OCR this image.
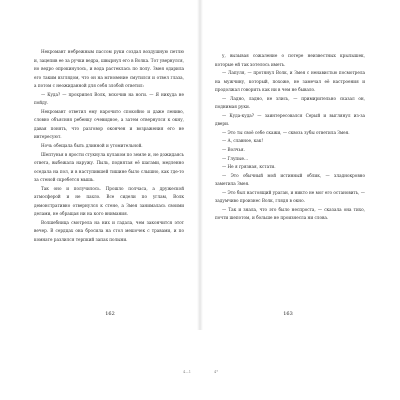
Некромант небрежным пассом руки создал воздушную петлю и, зацепив ее за ручки ведра, швырнул его в Волка. Тот увернулся, но ведро опрокинулось, и вода растеклась по полу. Змея одарила его таким взглядом, что он на мгновение смутился и отвел глаза, а потом с неожиданной для себя злобой ответил:

— Куда? — прохрипел Волк, вскочив на ноги. — Я никуда не пойду.

Некромант ответил ему нарочито спокойно и даже лениво, словно объясняя ребенку очевидное, а затем отвернулся к окну, давая понять, что разговор окончен и возражения его не интересуют.

Ночь обещала быть длинной и утомительной.

Шептунья в ярости стукнула кулаком по земле и, не дожидаясь ответа, выбежала наружу. Пыль, поднятая её шагами, медленно оседала на пол, и в наступившей тишине было слышно, как где-то за стеной скребется мышь.

Так оно и получилось. Прошло полчаса, а дружеской атмосферой и не пахло. Все сидели по углам, Волк демонстративно отвернулся к стене, а Змея занималась своими делами, не обращая ни на кого внимания.

Волшебница смотрела на них и гадала, чем закончится этот вечер. В сердцах она бросила на стол мешочек с травами, и по комнате разлился терпкий запах полыни.

у, вызывая сожаление о потере неизвестных крылышек, которые ей так хотелось иметь.

— Лапуля, — протянул Волк, и Змея с ненавистью посмотрела на мужчину, который, похоже, не замечал её настроения и продолжал говорить как ни в чем не бывало.

— Ладно, ладно, не злись, — примирительно сказал он, поднимая руки.

— Куда-куда? — заинтересовался Серый и выглянул из-за двери.

— Это ты своё себе скажи, — сквозь зубы ответила Змея.

— А, славное, как!

— Волчья.

— Глупые...

— Не я грязная, кстати.

— Это обычный мой истинный облик, — хладнокровно заметила Змея.

— Это был настоящий ураган, и никто не мог его остановить, — задумчиво произнес Волк, глядя в окно.

— Так и знала, что это было неспроста, — сказала она тихо, почти шепотом, и больше не произнесла ни слова.

162	163
4—1	4*
